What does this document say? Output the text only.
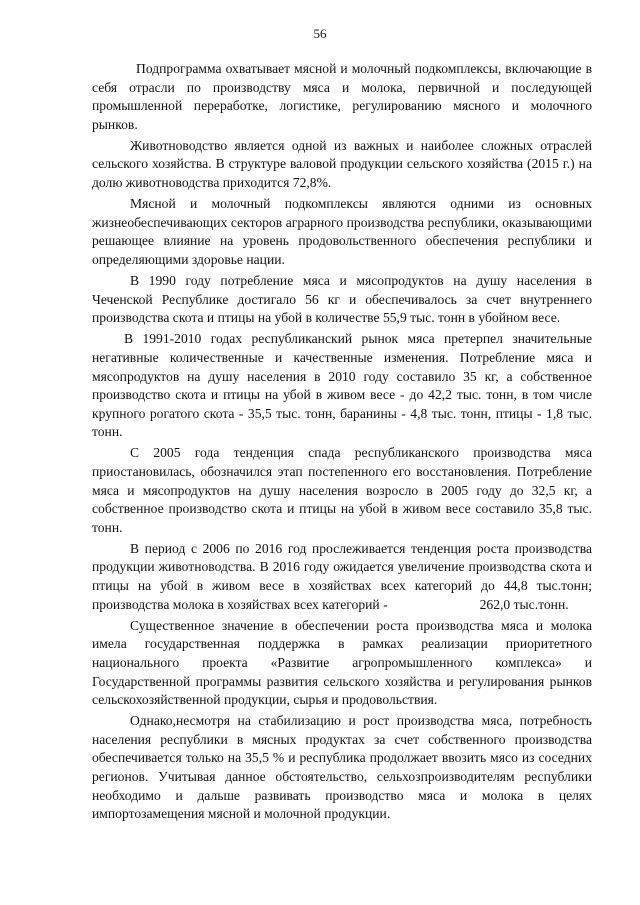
56

Подпрограмма охватывает мясной и молочный подкомплексы, включающие в себя отрасли по производству мяса и молока, первичной и последующей промышленной переработке, логистике, регулированию мясного и молочного рынков.

Животноводство является одной из важных и наиболее сложных отраслей сельского хозяйства. В структуре валовой продукции сельского хозяйства (2015 г.) на долю животноводства приходится 72,8%.

Мясной и молочный подкомплексы являются одними из основных жизнеобеспечивающих секторов аграрного производства республики, оказывающими решающее влияние на уровень продовольственного обеспечения республики и определяющими здоровье нации.

В 1990 году потребление мяса и мясопродуктов на душу населения в Чеченской Республике достигало 56 кг и обеспечивалось за счет внутреннего производства скота и птицы на убой в количестве 55,9 тыс. тонн в убойном весе.

В 1991-2010 годах республиканский рынок мяса претерпел значительные негативные количественные и качественные изменения. Потребление мяса и мясопродуктов на душу населения в 2010 году составило 35 кг, а собственное производство скота и птицы на убой в живом весе - до 42,2 тыс. тонн, в том числе крупного рогатого скота - 35,5 тыс. тонн, баранины - 4,8 тыс. тонн, птицы - 1,8 тыс. тонн.

С 2005 года тенденция спада республиканского производства мяса приостановилась, обозначился этап постепенного его восстановления. Потребление мяса и мясопродуктов на душу населения возросло в 2005 году до 32,5 кг, а собственное производство скота и птицы на убой в живом весе составило 35,8 тыс. тонн.

В период с 2006 по 2016 год прослеживается тенденция роста производства продукции животноводства. В 2016 году ожидается увеличение производства скота и птицы на убой в живом весе в хозяйствах всех категорий до 44,8 тыс.тонн; производства молока в хозяйствах всех категорий -	262,0 тыс.тонн.

Существенное значение в обеспечении роста производства мяса и молока имела государственная поддержка в рамках реализации приоритетного национального проекта «Развитие агропромышленного комплекса» и Государственной программы развития сельского хозяйства и регулирования рынков сельскохозяйственной продукции, сырья и продовольствия.

Однако,несмотря на стабилизацию и рост производства мяса, потребность населения республики в мясных продуктах за счет собственного производства обеспечивается только на 35,5 % и республика продолжает ввозить мясо из соседних регионов. Учитывая данное обстоятельство, сельхозпроизводителям республики необходимо и дальше развивать производство мяса и молока в целях импортозамещения мясной и молочной продукции.
